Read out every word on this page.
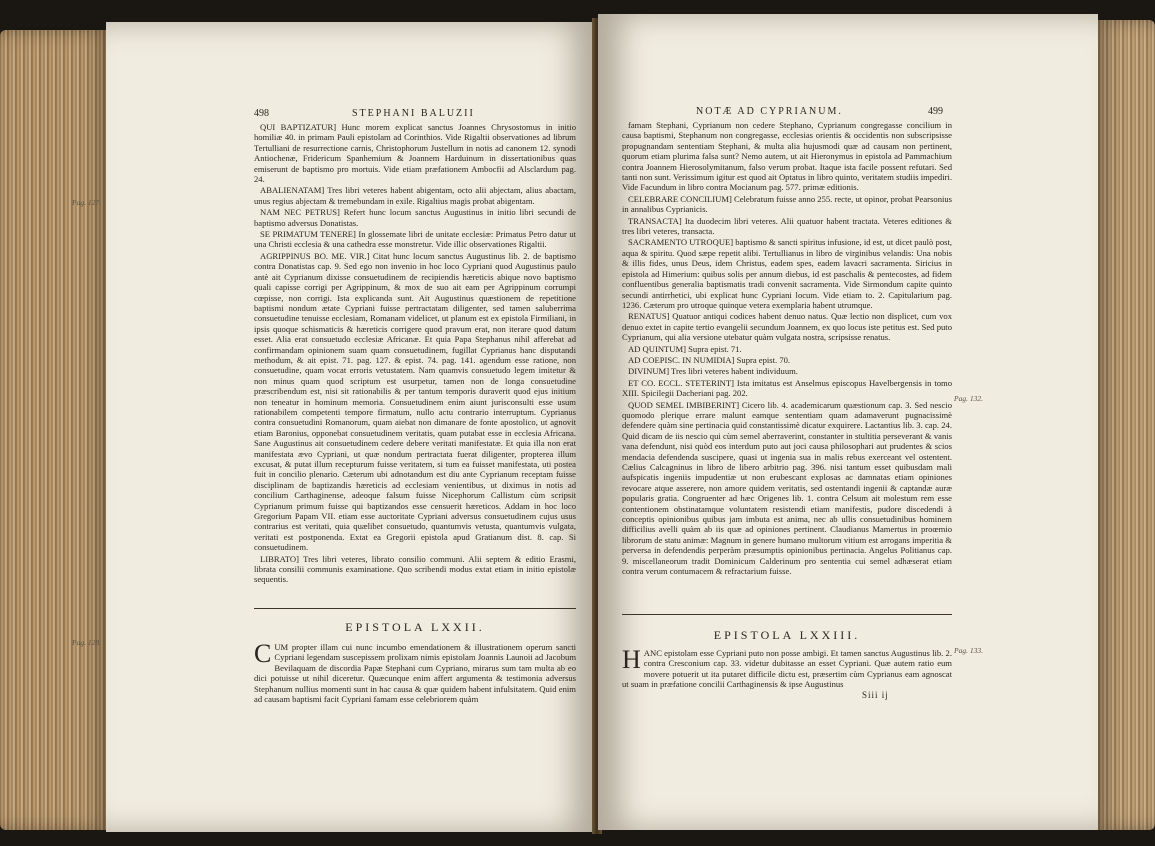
498	STEPHANI BALUZII

QUI BAPTIZATUR] Hunc morem explicat sanctus Joannes Chrysostomus in initio homiliæ 40. in primam Pauli epistolam ad Corinthios. Vide Rigaltii observationes ad librum Tertulliani de resurrectione carnis, Christophorum Justellum in notis ad canonem 12. synodi Antiochenæ, Fridericum Spanhemium & Joannem Harduinum in dissertationibus quas emiserunt de baptismo pro mortuis. Vide etiam præfationem Ambocfii ad Alsclardum pag. 24.

ABALIENATAM] Tres libri veteres habent abigentam, octo alii abjectam, alius abactam, unus regius abjectam & tremebundam in exile. Rigaltius magis probat abigentam.

NAM NEC PETRUS] Refert hunc locum sanctus Augustinus in initio libri secundi de baptismo adversus Donatistas.

SE PRIMATUM TENERE] In glossemate libri de unitate ecclesiæ: Primatus Petro datur ut una Christi ecclesia & una cathedra esse monstretur. Vide illic observationes Rigaltii.

AGRIPPINUS BO. ME. VIR.] Citat hunc locum sanctus Augustinus lib. 2. de baptismo contra Donatistas cap. 9. Sed ego non invenio in hoc loco Cypriani quod Augustinus paulo antè ait Cyprianum dixisse consuetudinem de recipiendis hæreticis abique novo baptismo quali capisse corrigi per Agrippinum, & mox de suo ait eam per Agrippinum corrumpi cœpisse, non corrigi. Ista explicanda sunt. Ait Augustinus quæstionem de repetitione baptismi nondum ætate Cypriani fuisse pertractatam diligenter, sed tamen saluberrima consuetudine tenuisse ecclesiam, Romanam videlicet, ut planum est ex epistola Firmiliani, in ipsis quoque schismaticis & hæreticis corrigere quod pravum erat, non iterare quod datum esset. Alia erat consuetudo ecclesiæ Africanæ. Et quia Papa Stephanus nihil afferebat ad confirmandam opinionem suam quam consuetudinem, fugillat Cyprianus hanc disputandi methodum, & ait epist. 71. pag. 127. & epist. 74. pag. 141. agendum esse ratione, non consuetudine, quam vocat erroris vetustatem. Nam quamvis consuetudo legem imitetur & non minus quam quod scriptum est usurpetur, tamen non de longa consuetudine præscribendum est, nisi sit rationabilis & per tantum temporis duraverit quod ejus initium non teneatur in hominum memoria. Consuetudinem enim aiunt jurisconsulti esse usum rationabilem competenti tempore firmatum, nullo actu contrario interruptum. Cyprianus contra consuetudini Romanorum, quam aiebat non dimanare de fonte apostolico, ut agnovit etiam Baronius, opponebat consuetudinem veritatis, quam putabat esse in ecclesia Africana. Sane Augustinus ait consuetudinem cedere debere veritati manifestatæ. Et quia illa non erat manifestata ævo Cypriani, ut quæ nondum pertractata fuerat diligenter, propterea illum excusat, & putat illum recepturum fuisse veritatem, si tum ea fuisset manifestata, uti postea fuit in concilio plenario. Cæterum ubi adnotandum est diu ante Cyprianum receptam fuisse disciplinam de baptizandis hæreticis ad ecclesiam venientibus, ut diximus in notis ad concilium Carthaginense, adeoque falsum fuisse Nicephorum Callistum cùm scripsit Cyprianum primum fuisse qui baptizandos esse censuerit hæreticos. Addam in hoc loco Gregorium Papam VII. etiam esse auctoritate Cypriani adversus consuetudinem cujus usus contrarius est veritati, quia quælibet consuetudo, quantumvis vetusta, quantumvis vulgata, veritati est postponenda. Extat ea Gregorii epistola apud Gratianum dist. 8. cap. Si consuetudinem.

LIBRATO] Tres libri veteres, librato consilio communi. Alii septem & editio Erasmi, librata consilii communis examinatione. Quo scribendi modus extat etiam in initio epistolæ sequentis.

EPISTOLA LXXII.
CUM propter illam cui nunc incumbo emendationem & illustrationem operum sancti Cypriani legendam suscepissem prolixam nimis epistolam Joannis Launoii ad Jacobum Bevilaquam de discordia Papæ Stephani cum Cypriano, mirarus sum tam multa ab eo dici potuisse ut nihil diceretur. Quæcunque enim affert argumenta & testimonia adversus Stephanum nullius momenti sunt in hac causa & quæ quidem habent infulsitatem. Quid enim ad causam baptismi facit Cypriani famam esse celebriorem quàm
Pag. 127.
Pag. 128.
NOTÆ AD CYPRIANUM.	499

famam Stephani, Cyprianum non cedere Stephano, Cyprianum congregasse concilium in causa baptismi, Stephanum non congregasse, ecclesias orientis & occidentis non subscripsisse propugnandam sententiam Stephani, & multa alia hujusmodi quæ ad causam non pertinent, quorum etiam plurima falsa sunt? Nemo autem, ut ait Hieronymus in epistola ad Pammachium contra Joannem Hierosolymitanum, falso verum probat. Itaque ista facile possent refutari. Sed tanti non sunt. Verissimum igitur est quod ait Optatus in libro quinto, veritatem studiis impediri. Vide Facundum in libro contra Mocianum pag. 577. primæ editionis.

CELEBRARE CONCILIUM] Celebratum fuisse anno 255. recte, ut opinor, probat Pearsonius in annalibus Cyprianicis.

TRANSACTA] Ita duodecim libri veteres. Alii quatuor habent tractata. Veteres editiones & tres libri veteres, transacta.

SACRAMENTO UTROQUE] baptismo & sancti spiritus infusione, id est, ut dicet paulò post, aqua & spiritu. Quod sæpe repetit alibi. Tertullianus in libro de virginibus velandis: Una nobis & illis fides, unus Deus, idem Christus, eadem spes, eadem lavacri sacramenta. Siricius in epistola ad Himerium: quibus solis per annum diebus, id est paschalis & pentecostes, ad fidem confluentibus generalia baptismatis tradi convenit sacramenta. Vide Sirmondum capite quinto secundi antirrhetici, ubi explicat hunc Cypriani locum. Vide etiam to. 2. Capitularium pag. 1236. Cæterum pro utroque quinque vetera exemplaria habent utrumque.

RENATUS] Quatuor antiqui codices habent denuo natus. Quæ lectio non displicet, cum vox denuo extet in capite tertio evangelii secundum Joannem, ex quo locus iste petitus est. Sed puto Cyprianum, qui alia versione utebatur quàm vulgata nostra, scripsisse renatus.

AD QUINTUM] Supra epist. 71.

AD COEPISC. IN NUMIDIA] Supra epist. 70.

DIVINUM] Tres libri veteres habent individuum.

ET CO. ECCL. STETERINT] Ista imitatus est Anselmus episcopus Havelbergensis in tomo XIII. Spicilegii Dacheriani pag. 202.

QUOD SEMEL IMBIBERINT] Cicero lib. 4. academicarum quæstionum cap. 3. Sed nescio quomodo plerique errare malunt eamque sententiam quam adamaverunt pugnacissimè defendere quàm sine pertinacia quid constantissimè dicatur exquirere. Lactantius lib. 3. cap. 24. Quid dicam de iis nescio qui cùm semel aberraverint, constanter in stultitia perseverant & vanis vana defendunt, nisi quòd eos interdum puto aut joci causa philosophari aut prudentes & scios mendacia defendenda suscipere, quasi ut ingenia sua in malis rebus exerceant vel ostentent. Cælius Calcagninus in libro de libero arbitrio pag. 396. nisi tantum esset quibusdam mali aufspicatis ingeniis impudentiæ ut non erubescant explosas ac damnatas etiam opiniones revocare atque asserere, non amore quidem veritatis, sed ostentandi ingenii & captandæ auræ popularis gratia. Congruenter ad hæc Origenes lib. 1. contra Celsum ait molestum rem esse contentionem obstinatamque voluntatem resistendi etiam manifestis, pudore discedendi à conceptis opinionibus quibus jam imbuta est anima, nec ab ullis consuetudinibus hominem difficilius avelli quàm ab iis quæ ad opiniones pertinent. Claudianus Mamertus in proœmio librorum de statu animæ: Magnum in genere humano multorum vitium est arrogans imperitia & perversa in defendendis perperàm præsumptis opinionibus pertinacia. Angelus Politianus cap. 9. miscellaneorum tradit Dominicum Calderinum pro sententia cui semel adhæserat etiam contra verum contumacem & refractarium fuisse.

EPISTOLA LXXIII.
HANC epistolam esse Cypriani puto non posse ambigi. Et tamen sanctus Augustinus lib. 2. contra Cresconium cap. 33. videtur dubitasse an esset Cypriani. Quæ autem ratio eum movere potuerit ut ita putaret difficile dictu est, præsertim cùm Cyprianus eam agnoscat ut suam in præfatione concilii Carthaginensis & ipse Augustinus
Siii ij
Pag. 132.
Pag. 133.
